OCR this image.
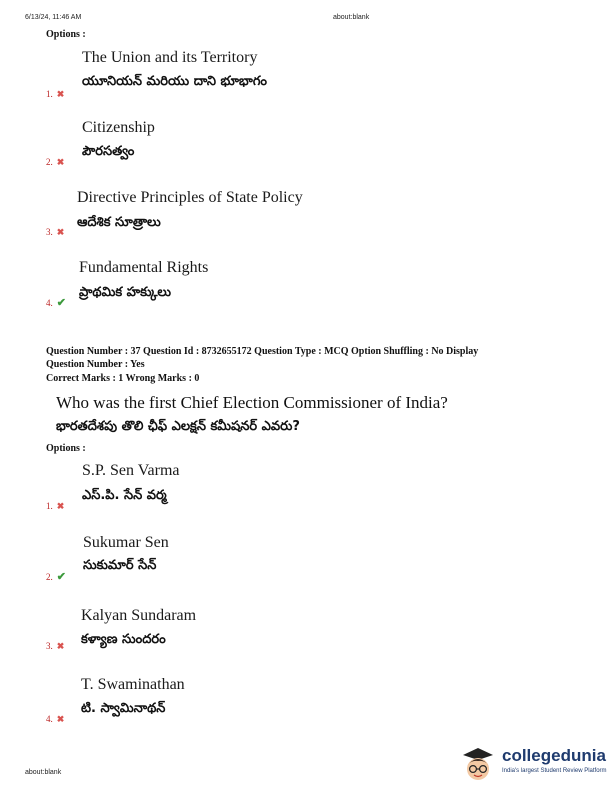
6/13/24, 11:46 AM	about:blank
Options :
The Union and its Territory
యూనియన్ మరియు దాని భూభాగం
1. ✖
Citizenship
పౌరసత్వం
2. ✖
Directive Principles of State Policy
ఆదేశిక సూత్రాలు
3. ✖
Fundamental Rights
ప్రాథమిక హక్కులు
4. ✔
Question Number : 37 Question Id : 8732655172 Question Type : MCQ Option Shuffling : No Display
Question Number : Yes
Correct Marks : 1 Wrong Marks : 0
Who was the first Chief Election Commissioner of India?
భారతదేశపు తొలి ఛీఫ్ ఎలక్షన్ కమీషనర్ ఎవరు?
Options :
S.P. Sen Varma
ఎస్.పి. సేన్ వర్మ
1. ✖
Sukumar Sen
సుకుమార్ సేన్
2. ✔
Kalyan Sundaram
కళ్యాణ సుందరం
3. ✖
T. Swaminathan
టి. స్వామినాథన్
4. ✖
about:blank
collegedunia
India's largest Student Review Platform
